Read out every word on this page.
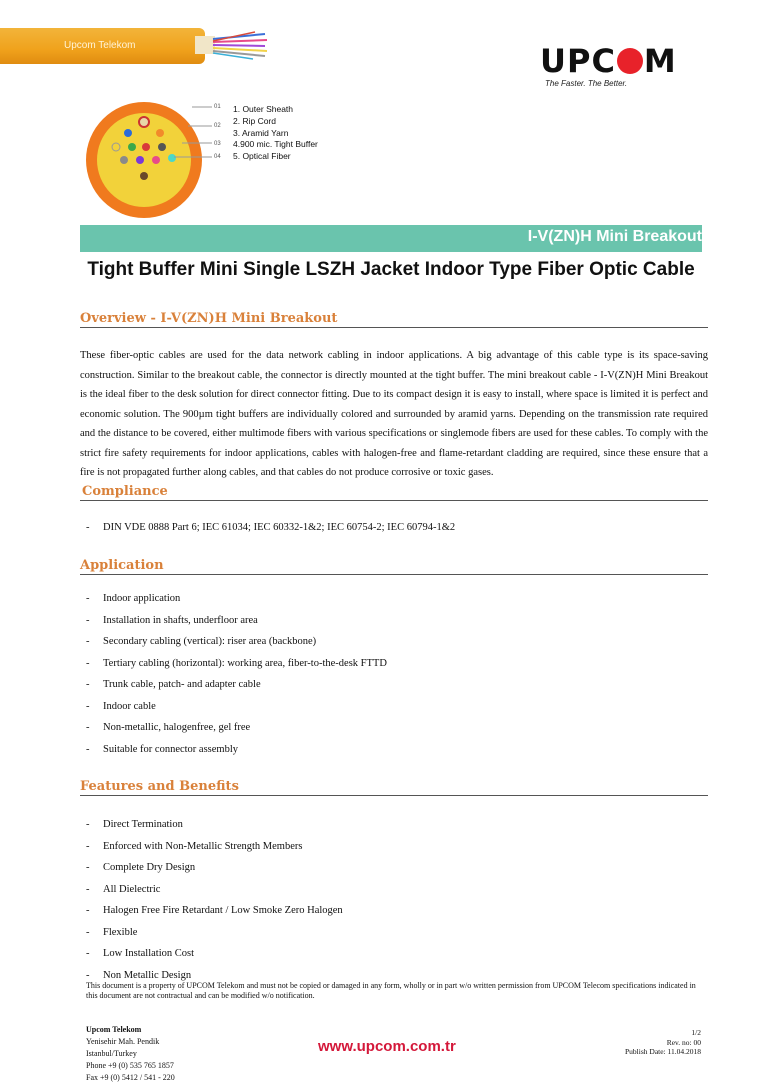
Upcom Telekom	UPC M
The Faster. The Better.
01
02
03
04
1. Outer Sheath
2. Rip Cord
3. Aramid Yarn
4.900 mic. Tight Buffer
5. Optical Fiber
I-V(ZN)H Mini Breakout
Tight Buffer Mini Single LSZH Jacket Indoor Type Fiber Optic Cable
Overview - I-V(ZN)H Mini Breakout
These fiber-optic cables are used for the data network cabling in indoor applications. A big advantage of this cable type is its space-saving construction. Similar to the breakout cable, the connector is directly mounted at the tight buffer. The mini breakout cable - I-V(ZN)H Mini Breakout is the ideal fiber to the desk solution for direct connector fitting. Due to its compact design it is easy to install, where space is limited it is perfect and economic solution. The 900µm tight buffers are individually colored and surrounded by aramid yarns. Depending on the transmission rate required and the distance to be covered, either multimode fibers with various specifications or singlemode fibers are used for these cables. To comply with the strict fire safety requirements for indoor applications, cables with halogen-free and flame-retardant cladding are required, since these ensure that a fire is not propagated further along cables, and that cables do not produce corrosive or toxic gases.
Compliance
- DIN VDE 0888 Part 6; IEC 61034; IEC 60332-1&2; IEC 60754-2; IEC 60794-1&2
Application
- Indoor application
- Installation in shafts, underfloor area
- Secondary cabling (vertical): riser area (backbone)
- Tertiary cabling (horizontal): working area, fiber-to-the-desk FTTD
- Trunk cable, patch- and adapter cable
- Indoor cable
- Non-metallic, halogenfree, gel free
- Suitable for connector assembly
Features and Benefits
- Direct Termination
- Enforced with Non-Metallic Strength Members
- Complete Dry Design
- All Dielectric
- Halogen Free Fire Retardant / Low Smoke Zero Halogen
- Flexible
- Low Installation Cost
- Non Metallic Design
This document is a property of UPCOM Telekom and must not be copied or damaged in any form, wholly or in part w/o written permission from UPCOM Telecom specifications indicated in this document are not contractual and can be modified w/o notification.
Upcom Telekom
Yenisehir Mah. Pendik
Istanbul/Turkey
Phone +9 (0) 535 765 1857
Fax +9 (0) 5412 / 541 - 220
www.upcom.com.tr
1/2
Rev. no: 00
Publish Date: 11.04.2018
